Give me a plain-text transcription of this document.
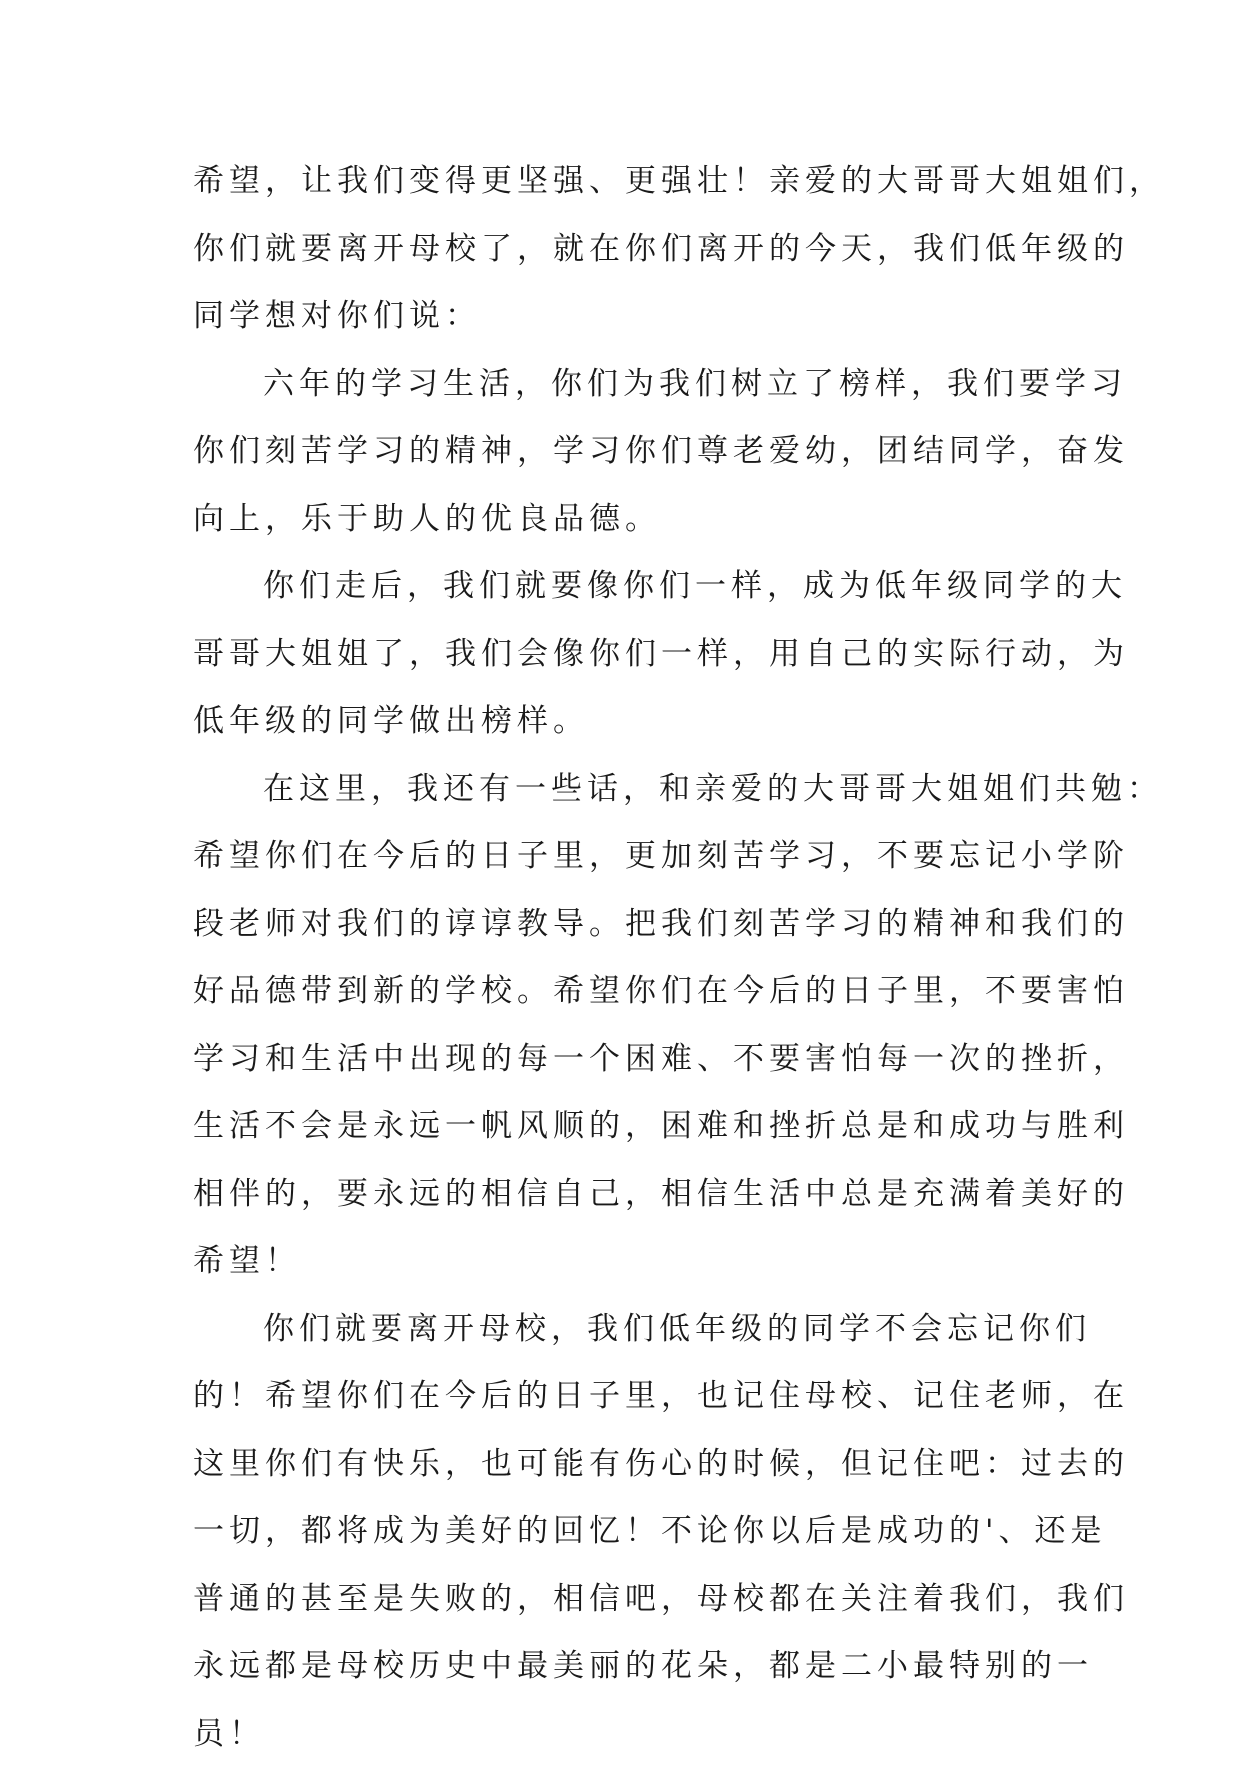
希望，让我们变得更坚强、更强壮！亲爱的大哥哥大姐姐们，
你们就要离开母校了，就在你们离开的今天，我们低年级的
同学想对你们说：
六年的学习生活，你们为我们树立了榜样，我们要学习
你们刻苦学习的精神，学习你们尊老爱幼，团结同学，奋发
向上，乐于助人的优良品德。
你们走后，我们就要像你们一样，成为低年级同学的大
哥哥大姐姐了，我们会像你们一样，用自己的实际行动，为
低年级的同学做出榜样。
在这里，我还有一些话，和亲爱的大哥哥大姐姐们共勉：
希望你们在今后的日子里，更加刻苦学习，不要忘记小学阶
段老师对我们的谆谆教导。把我们刻苦学习的精神和我们的
好品德带到新的学校。希望你们在今后的日子里，不要害怕
学习和生活中出现的每一个困难、不要害怕每一次的挫折，
生活不会是永远一帆风顺的，困难和挫折总是和成功与胜利
相伴的，要永远的相信自己，相信生活中总是充满着美好的
希望！
你们就要离开母校，我们低年级的同学不会忘记你们
的！希望你们在今后的日子里，也记住母校、记住老师，在
这里你们有快乐，也可能有伤心的时候，但记住吧：过去的
一切，都将成为美好的回忆！不论你以后是成功的'、还是
普通的甚至是失败的，相信吧，母校都在关注着我们，我们
永远都是母校历史中最美丽的花朵，都是二小最特别的一
员！
